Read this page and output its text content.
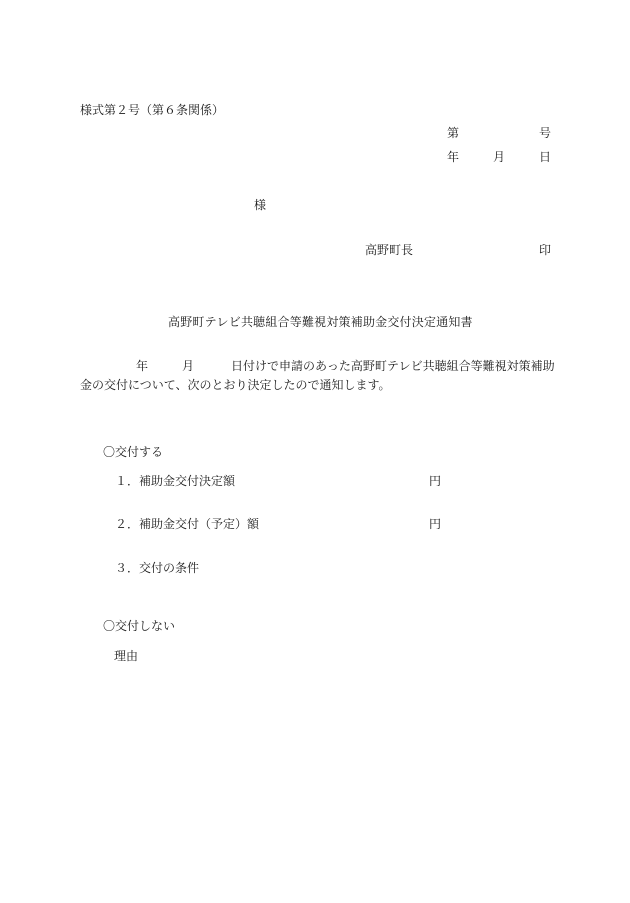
様式第２号（第６条関係）
第	号
年	月	日
様
高野町長	印
高野町テレビ共聴組合等難視対策補助金交付決定通知書
年	月	日付けで申請のあった高野町テレビ共聴組合等難視対策補助
金の交付について、次のとおり決定したので通知します。
〇交付する
１．補助金交付決定額	円
２．補助金交付（予定）額	円
３．交付の条件
〇交付しない
理由
